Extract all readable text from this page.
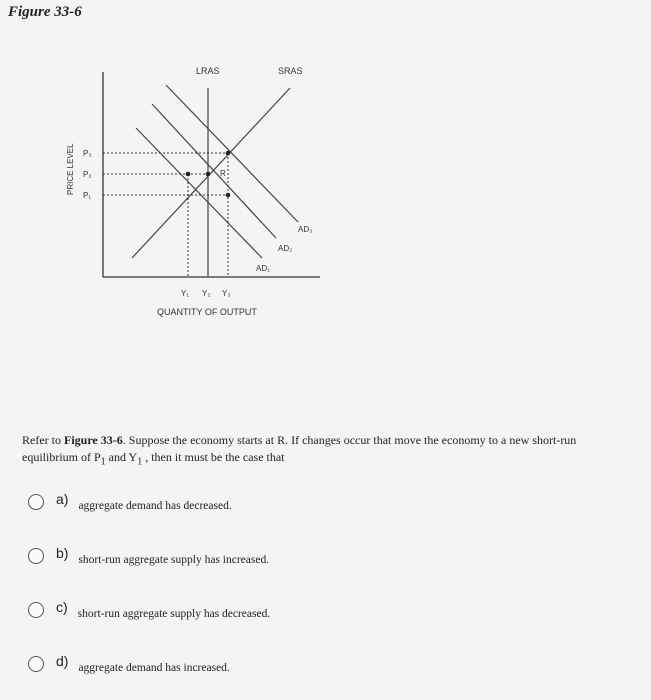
Figure 33-6
LRAS	SRAS
R
PRICE LEVEL P₃
P₂
P₁
Y₁ Y₂ Y₃
QUANTITY OF OUTPUT
AD₁
AD₂
AD₃
Refer to Figure 33-6. Suppose the economy starts at R. If changes occur that move the economy to a new short-run equilibrium of $P_1$ and $Y_1$ , then it must be the case that
a) aggregate demand has decreased.
b) short-run aggregate supply has increased.
c) short-run aggregate supply has decreased.
d) aggregate demand has increased.
